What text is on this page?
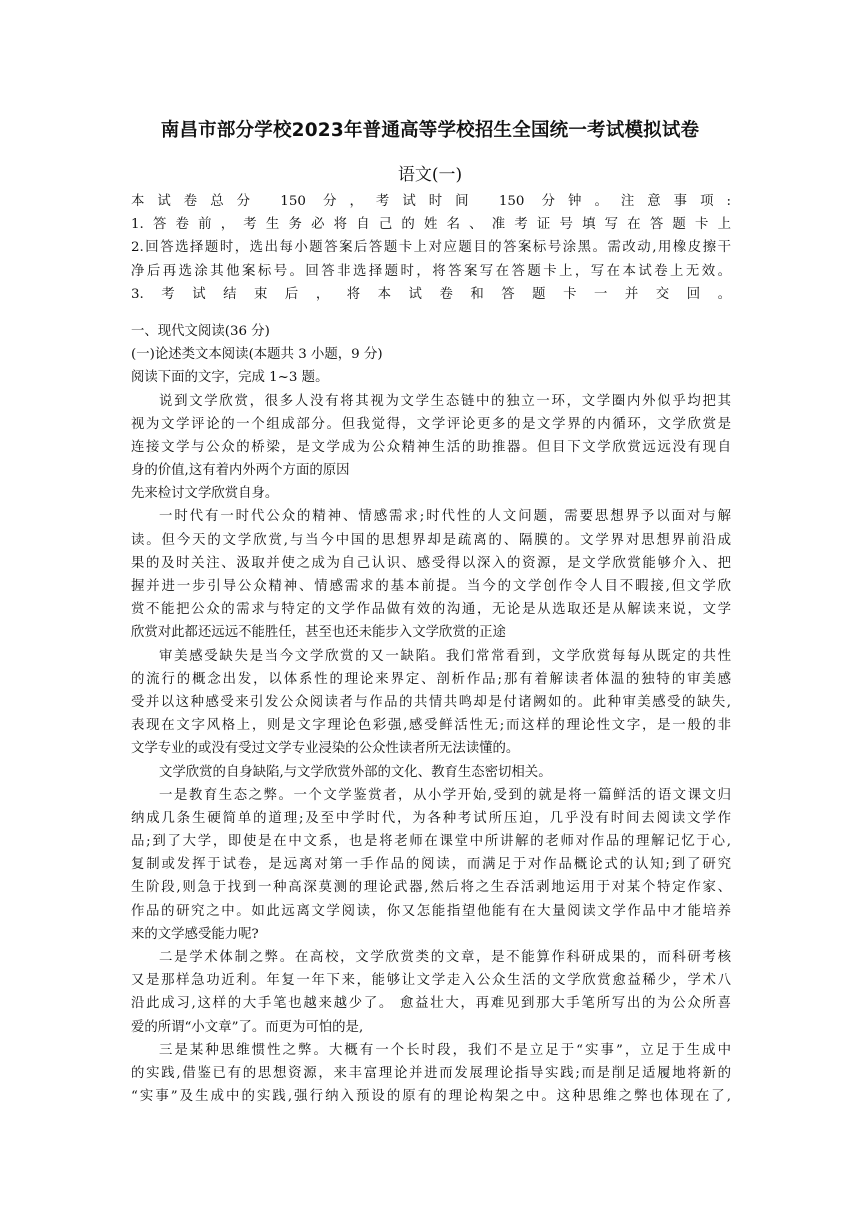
南昌市部分学校2023年普通高等学校招生全国统一考试模拟试卷
语文(一)
本试卷总分 150 分，考试时间 150 分钟。注意事项:
1.答卷前，考生务必将自己的姓名、准考证号填写在答题卡上
2.回答选择题时，选出每小题答案后答题卡上对应题目的答案标号涂黑。需改动,用橡皮擦干
净后再选涂其他案标号。回答非选择题时，将答案写在答题卡上，写在本试卷上无效。
3.考试结束后，将本试卷和答题卡一并交回。
一、现代文阅读(36 分)
(一)论述类文本阅读(本题共 3 小题，9 分)
阅读下面的文字，完成 1~3 题。
说到文学欣赏，很多人没有将其视为文学生态链中的独立一环，文学圈内外似乎均把其
视为文学评论的一个组成部分。但我觉得，文学评论更多的是文学界的内循环，文学欣赏是
连接文学与公众的桥梁，是文学成为公众精神生活的助推器。但目下文学欣赏远远没有现自
身的价值,这有着内外两个方面的原因
先来检讨文学欣赏自身。
一时代有一时代公众的精神、情感需求;时代性的人文问题，需要思想界予以面对与解
读。但今天的文学欣赏,与当今中国的思想界却是疏离的、隔膜的。文学界对思想界前沿成
果的及时关注、汲取并使之成为自己认识、感受得以深入的资源，是文学欣赏能够介入、把
握并进一步引导公众精神、情感需求的基本前提。当今的文学创作令人目不暇接,但文学欣
赏不能把公众的需求与特定的文学作品做有效的沟通，无论是从选取还是从解读来说，文学
欣赏对此都还远远不能胜任，甚至也还未能步入文学欣赏的正途
审美感受缺失是当今文学欣赏的又一缺陷。我们常常看到，文学欣赏每每从既定的共性
的流行的概念出发，以体系性的理论来界定、剖析作品;那有着解读者体温的独特的审美感
受并以这种感受来引发公众阅读者与作品的共情共鸣却是付诸阙如的。此种审美感受的缺失,
表现在文字风格上，则是文字理论色彩强,感受鲜活性无;而这样的理论性文字，是一般的非
文学专业的或没有受过文学专业浸染的公众性读者所无法读懂的。
文学欣赏的自身缺陷,与文学欣赏外部的文化、教育生态密切相关。
一是教育生态之弊。一个文学鉴赏者，从小学开始,受到的就是将一篇鲜活的语文课文归
纳成几条生硬简单的道理;及至中学时代，为各种考试所压迫，几乎没有时间去阅读文学作
品;到了大学，即使是在中文系，也是将老师在课堂中所讲解的老师对作品的理解记忆于心,
复制或发挥于试卷，是远离对第一手作品的阅读，而满足于对作品概论式的认知;到了研究
生阶段,则急于找到一种高深莫测的理论武器,然后将之生吞活剥地运用于对某个特定作家、
作品的研究之中。如此远离文学阅读，你又怎能指望他能有在大量阅读文学作品中才能培养
来的文学感受能力呢?
二是学术体制之弊。在高校，文学欣赏类的文章，是不能算作科研成果的，而科研考核
又是那样急功近利。年复一年下来，能够让文学走入公众生活的文学欣赏愈益稀少，学术八
沿此成习,这样的大手笔也越来越少了。 愈益壮大，再难见到那大手笔所写出的为公众所喜
爱的所谓“小文章”了。而更为可怕的是,
三是某种思维惯性之弊。大概有一个长时段，我们不是立足于“实事”，立足于生成中
的实践,借鉴已有的思想资源，来丰富理论并进而发展理论指导实践;而是削足适履地将新的
“实事”及生成中的实践,强行纳入预设的原有的理论构架之中。这种思维之弊也体现在了,
